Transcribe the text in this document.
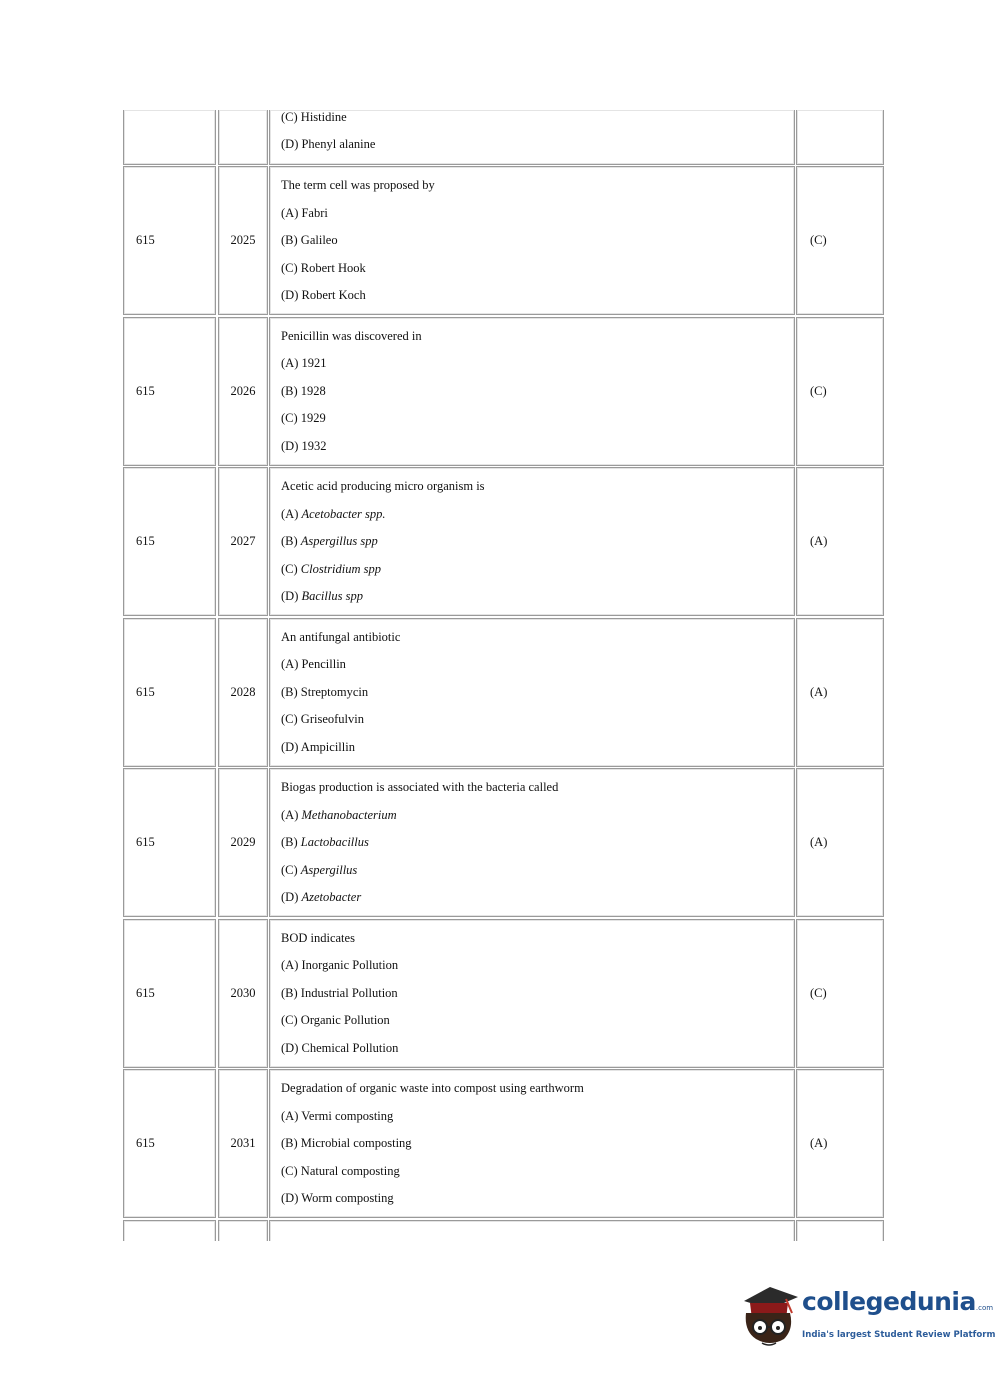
(C) Histidine
(D) Phenyl alanine
615	2025
The term cell was proposed by
(A) Fabri
(B) Galileo
(C) Robert Hook
(D) Robert Koch
(C)
615	2026
Penicillin was discovered in
(A) 1921
(B) 1928
(C) 1929
(D) 1932
(C)
615	2027
Acetic acid producing micro organism is
(A) Acetobacter spp.
(B) Aspergillus spp
(C) Clostridium spp
(D) Bacillus spp
(A)
615	2028
An antifungal antibiotic
(A) Pencillin
(B) Streptomycin
(C) Griseofulvin
(D) Ampicillin
(A)
615	2029
Biogas production is associated with the bacteria called
(A) Methanobacterium
(B) Lactobacillus
(C) Aspergillus
(D) Azetobacter
(A)
615	2030
BOD indicates
(A) Inorganic Pollution
(B) Industrial Pollution
(C) Organic Pollution
(D) Chemical Pollution
(C)
615	2031
Degradation of organic waste into compost using earthworm
(A) Vermi composting
(B) Microbial composting
(C) Natural composting
(D) Worm composting
(A)
collegedunia.com
India's largest Student Review Platform
